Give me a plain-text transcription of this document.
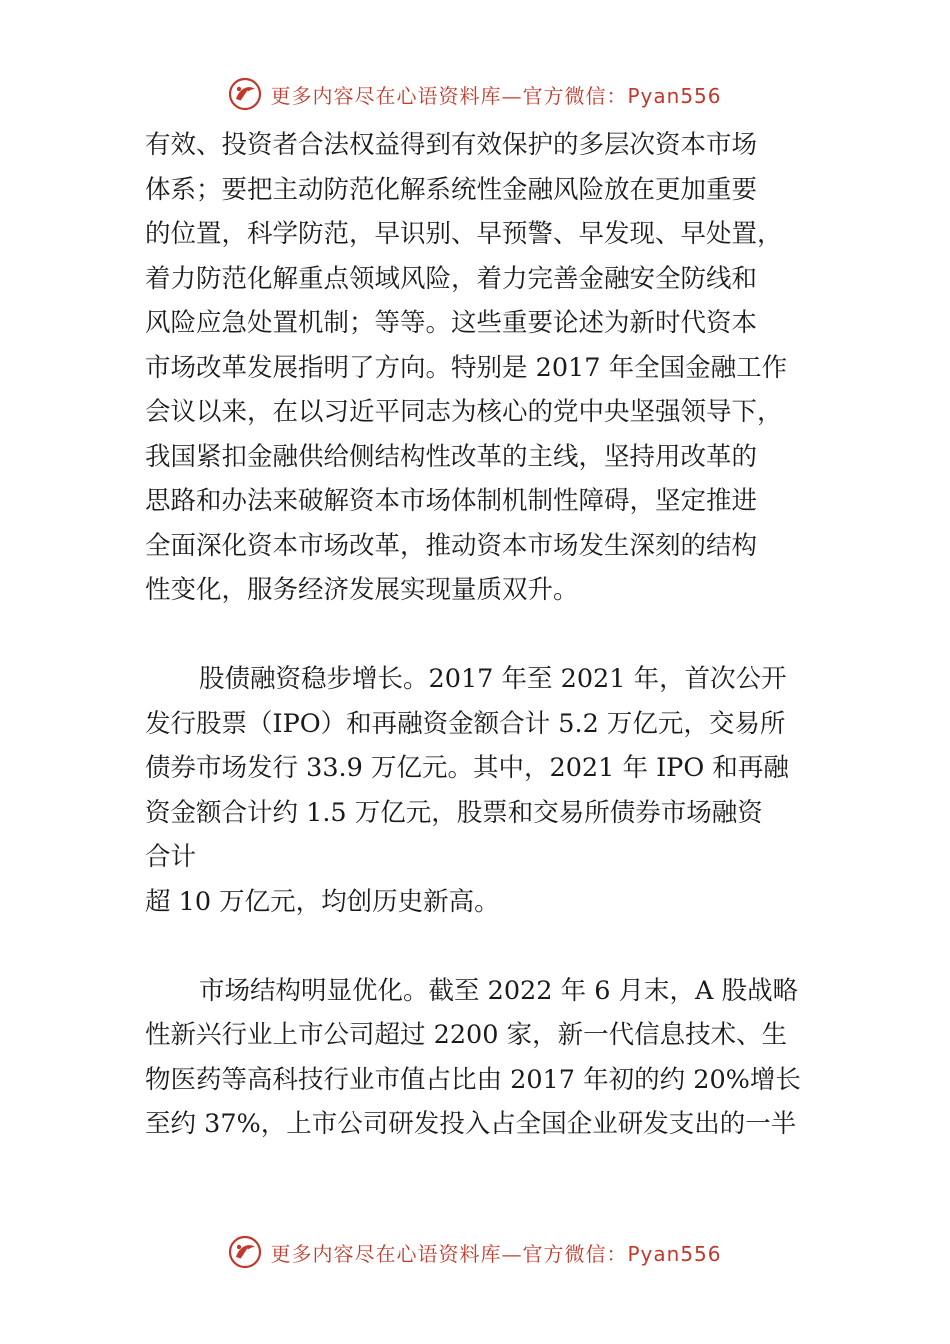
更多内容尽在心语资料库—官方微信：Pyan556

有效、投资者合法权益得到有效保护的多层次资本市场
体系；要把主动防范化解系统性金融风险放在更加重要
的位置，科学防范，早识别、早预警、早发现、早处置，
着力防范化解重点领域风险，着力完善金融安全防线和
风险应急处置机制；等等。这些重要论述为新时代资本
市场改革发展指明了方向。特别是 2017 年全国金融工作
会议以来，在以习近平同志为核心的党中央坚强领导下，
我国紧扣金融供给侧结构性改革的主线，坚持用改革的
思路和办法来破解资本市场体制机制性障碍，坚定推进
全面深化资本市场改革，推动资本市场发生深刻的结构
性变化，服务经济发展实现量质双升。

股债融资稳步增长。2017 年至 2021 年，首次公开
发行股票（IPO）和再融资金额合计 5.2 万亿元，交易所
债券市场发行 33.9 万亿元。其中，2021 年 IPO 和再融
资金额合计约 1.5 万亿元，股票和交易所债券市场融资
合计
超 10 万亿元，均创历史新高。

市场结构明显优化。截至 2022 年 6 月末，A 股战略
性新兴行业上市公司超过 2200 家，新一代信息技术、生
物医药等高科技行业市值占比由 2017 年初的约 20%增长
至约 37%，上市公司研发投入占全国企业研发支出的一半

更多内容尽在心语资料库—官方微信：Pyan556
